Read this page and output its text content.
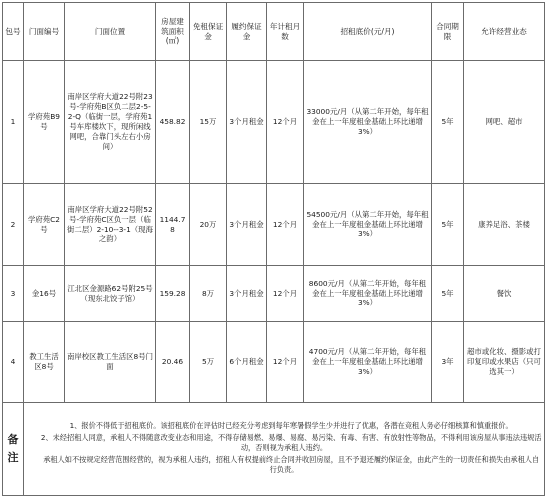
包号	门面编号	门面位置	房屋建筑面积(㎡)	免租保证金	履约保证金	年计租月数	招租底价(元/月)	合同期限	允许经营业态
1	学府苑B9号	南岸区学府大道22号附23号-学府苑B区负二层2-5-2-Q（临街一层，学府苑1号车库楼坎下，现所闲线网吧，合靠门头左右小房间）	458.82	15万	3个月租金	12个月	33000元/月（从第二年开始，每年租金在上一年度租金基础上环比递增3%）	5年	网吧、超市
2	学府苑C2号	南岸区学府大道22号附52号-学府苑C区负一层（临街二层）2-10--3-1（现海之韵）	1144.78	20万	3个月租金	12个月	54500元/月（从第二年开始，每年租金在上一年度租金基础上环比递增3%）	5年	康养足浴、茶楼
3	金16号	江北区金源路62号附25号（现东北饺子馆）	159.28	8万	3个月租金	12个月	8600元/月（从第二年开始，每年租金在上一年度租金基础上环比递增3%）	5年	餐饮
4	教工生活区8号	南岸校区教工生活区8号门面	20.46	5万	6个月租金	12个月	4700元/月（从第二年开始，每年租金在上一年度租金基础上环比递增3%）	3年	超市或化妆、摄影或打印复印或水果店（只可选其一）
备注	1、报价不得低于招租底价。该招租底价在评估时已经充分考虑到每年寒暑假学生少并进行了优惠，各潜在竞租人务必仔细核算和慎重报价。
2、未经招租人同意，承租人不得随意改变业态和用途，不得存储易燃、易爆、易腐、易污染、有毒、有害、有放射性等物品，不得利用该房屋从事违法违规活动，否则视为承租人违约。
承租人如不按规定经营范围经营的，视为承租人违约，招租人有权提前终止合同并收回房屋，且不予退还履约保证金，由此产生的一切责任和损失由承租人自行负责。								
